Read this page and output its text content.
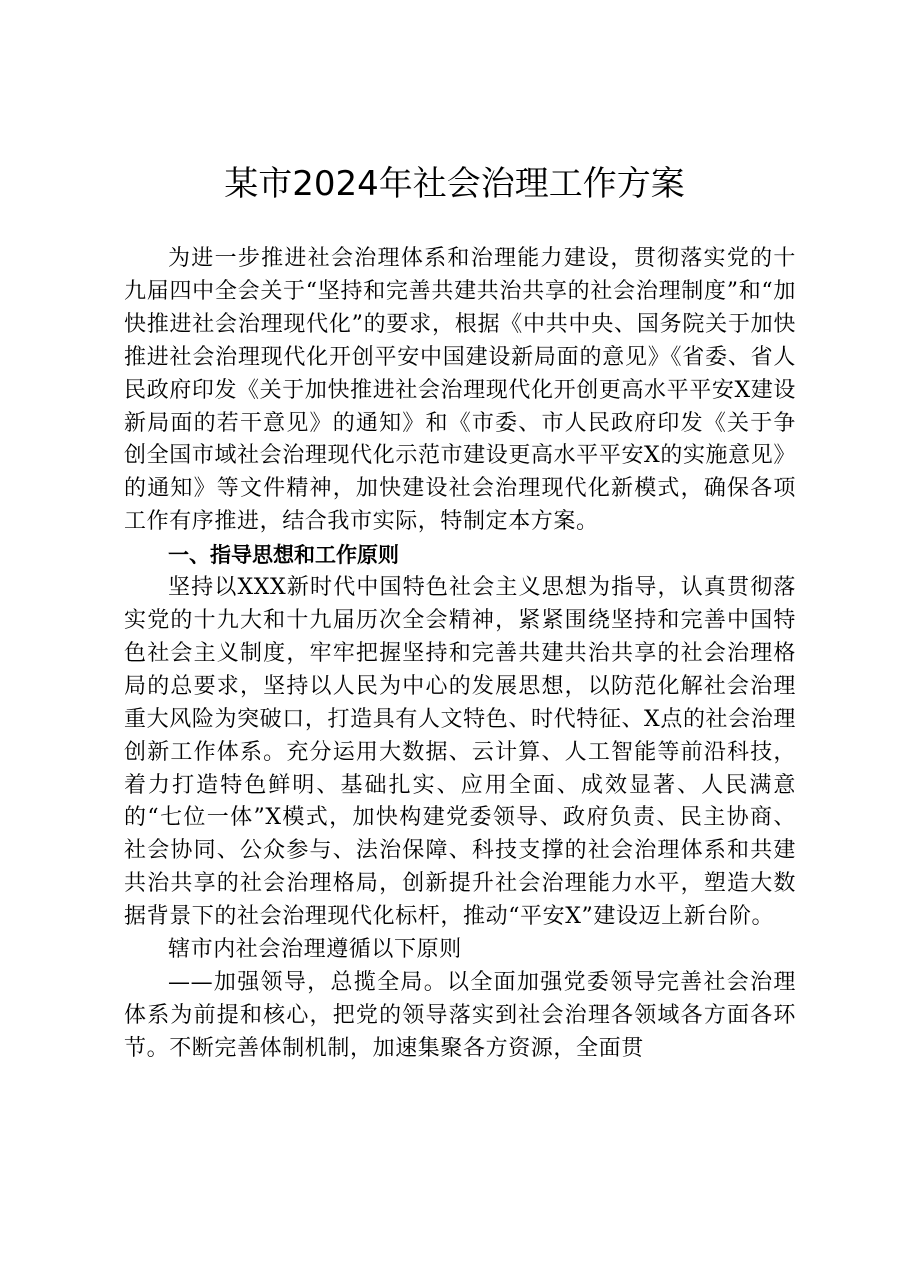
某市2024年社会治理工作方案

为进一步推进社会治理体系和治理能力建设，贯彻落实党的十九届四中全会关于“坚持和完善共建共治共享的社会治理制度”和“加快推进社会治理现代化”的要求，根据《中共中央、国务院关于加快推进社会治理现代化开创平安中国建设新局面的意见》《省委、省人民政府印发《关于加快推进社会治理现代化开创更高水平平安X建设新局面的若干意见》的通知》和《市委、市人民政府印发《关于争创全国市域社会治理现代化示范市建设更高水平平安X的实施意见》的通知》等文件精神，加快建设社会治理现代化新模式，确保各项工作有序推进，结合我市实际，特制定本方案。

一、指导思想和工作原则

坚持以XXX新时代中国特色社会主义思想为指导，认真贯彻落实党的十九大和十九届历次全会精神，紧紧围绕坚持和完善中国特色社会主义制度，牢牢把握坚持和完善共建共治共享的社会治理格局的总要求，坚持以人民为中心的发展思想，以防范化解社会治理重大风险为突破口，打造具有人文特色、时代特征、X点的社会治理创新工作体系。充分运用大数据、云计算、人工智能等前沿科技，着力打造特色鲜明、基础扎实、应用全面、成效显著、人民满意的“七位一体”X模式，加快构建党委领导、政府负责、民主协商、社会协同、公众参与、法治保障、科技支撑的社会治理体系和共建共治共享的社会治理格局，创新提升社会治理能力水平，塑造大数据背景下的社会治理现代化标杆，推动“平安X”建设迈上新台阶。

辖市内社会治理遵循以下原则

——加强领导，总揽全局。以全面加强党委领导完善社会治理体系为前提和核心，把党的领导落实到社会治理各领域各方面各环节。不断完善体制机制，加速集聚各方资源，全面贯
